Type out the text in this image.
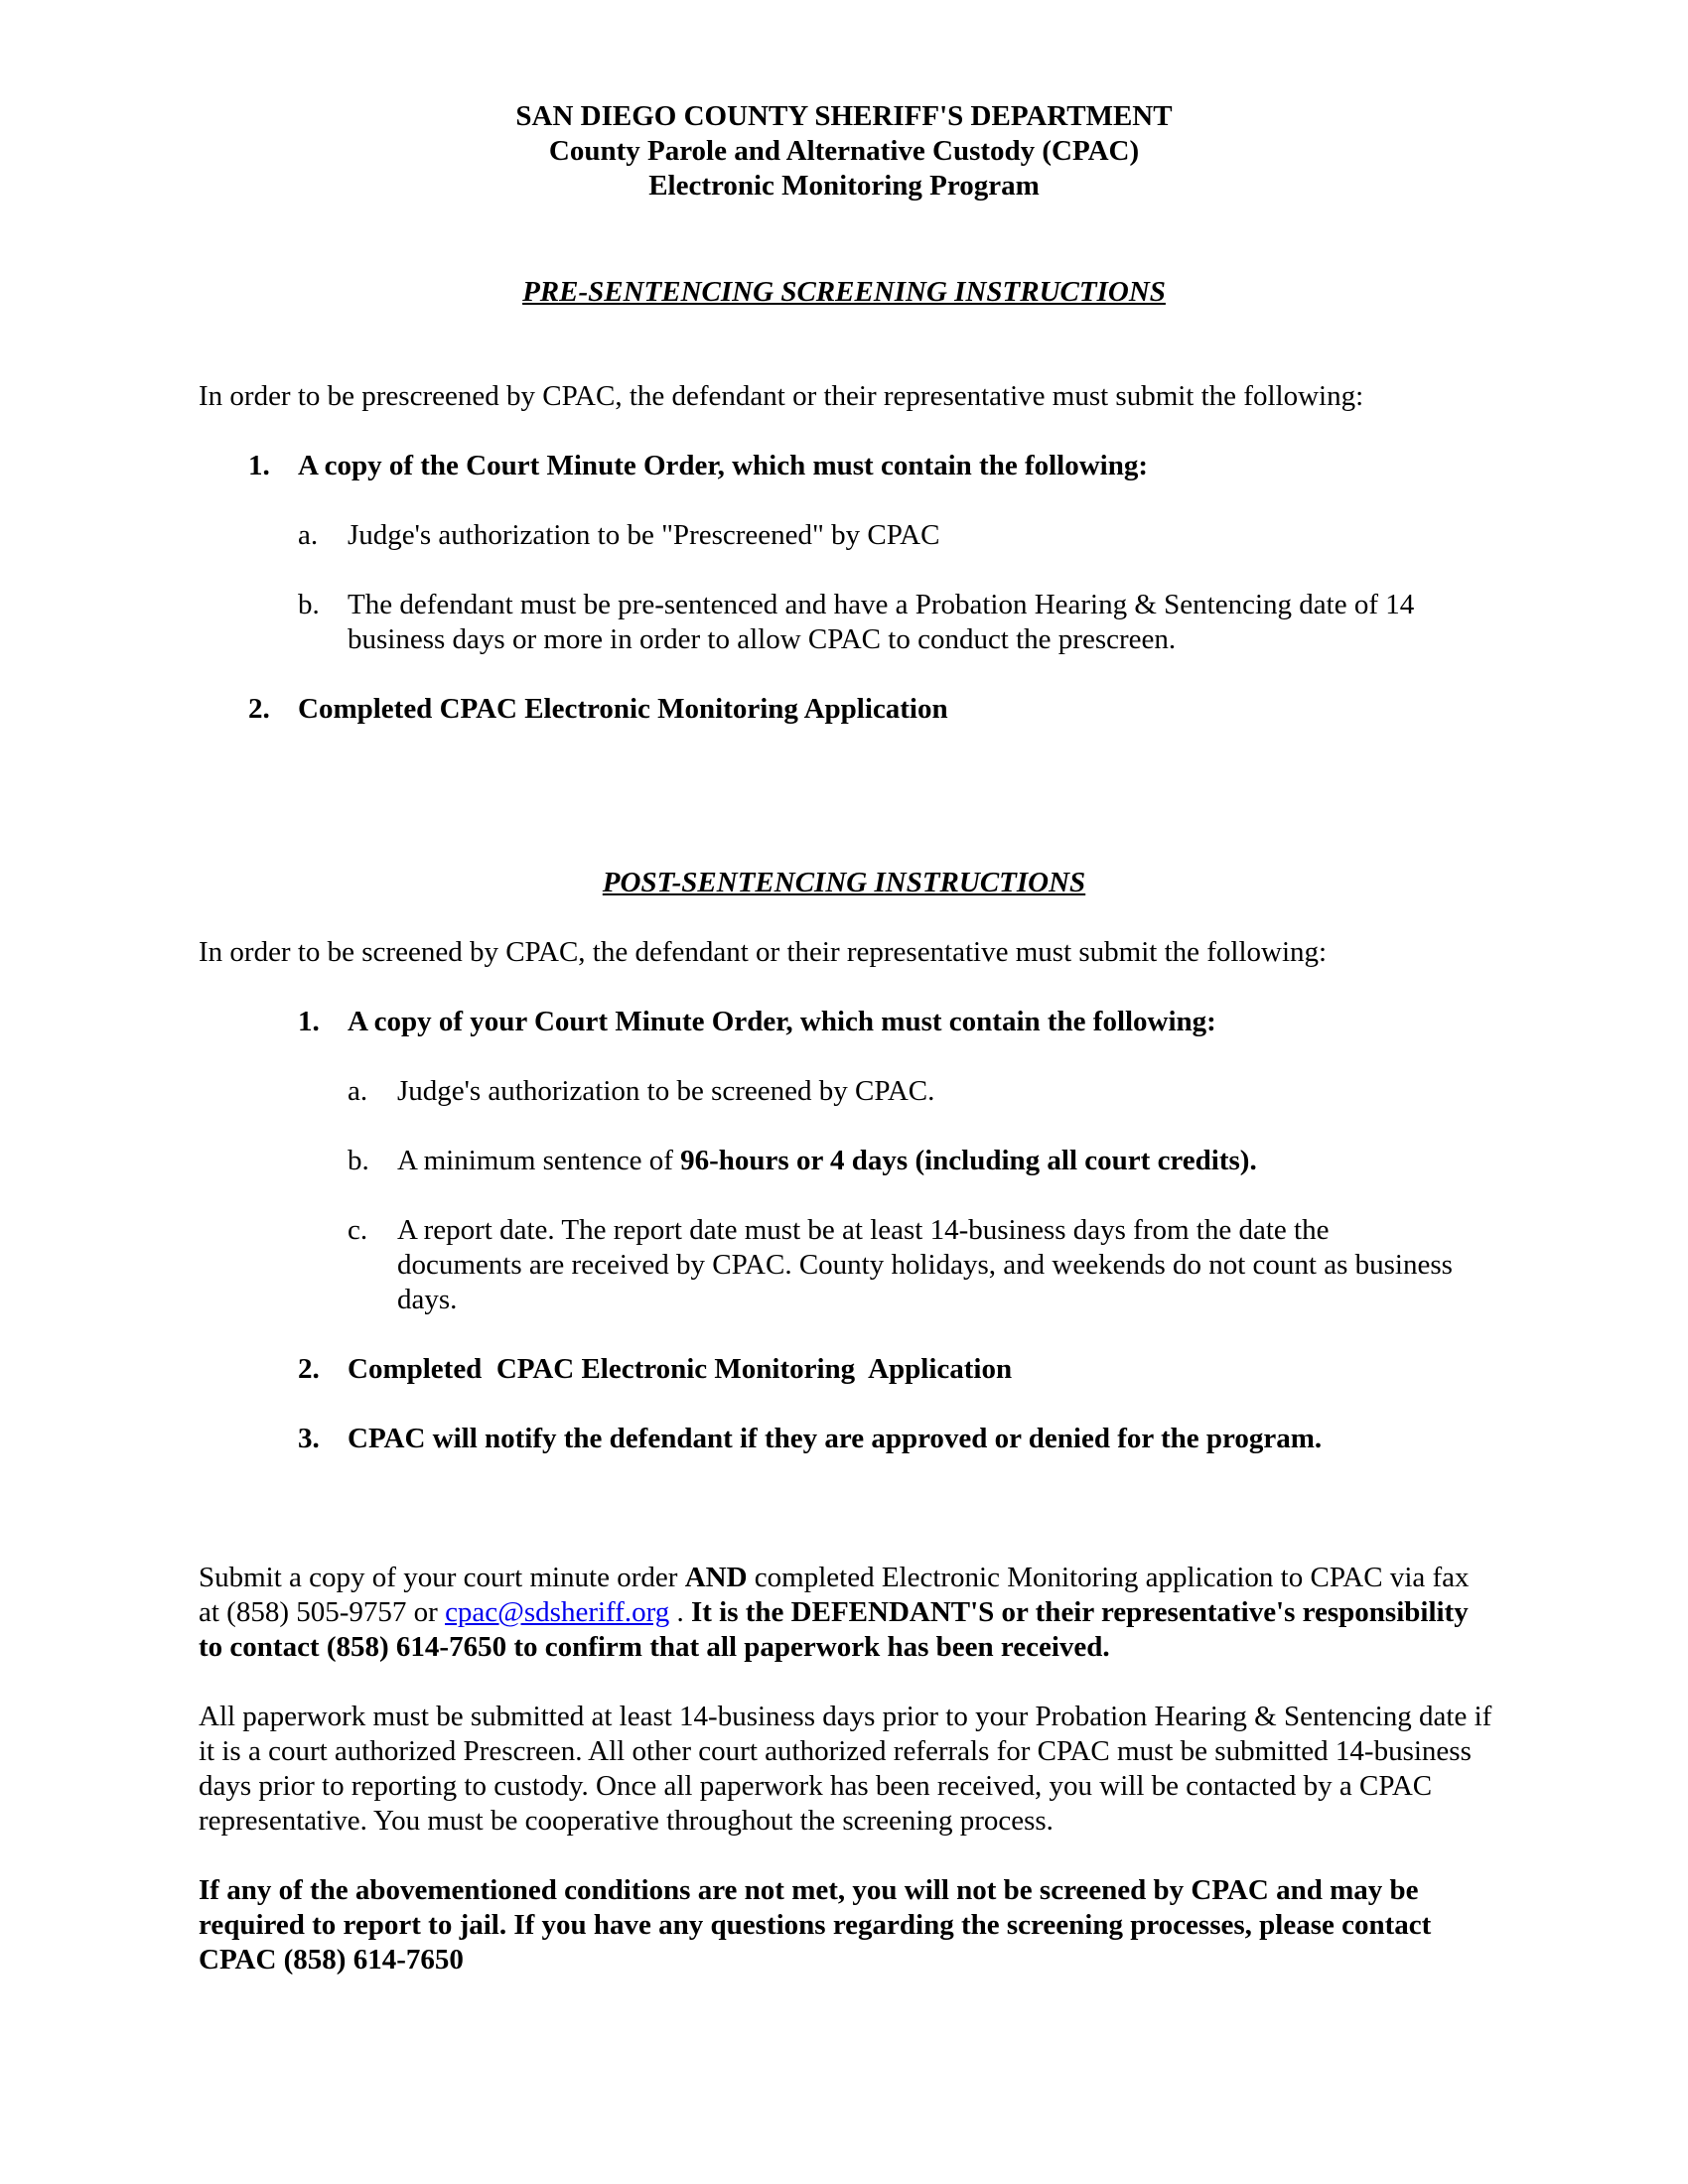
SAN DIEGO COUNTY SHERIFF'S DEPARTMENT
County Parole and Alternative Custody (CPAC)
Electronic Monitoring Program
PRE-SENTENCING SCREENING INSTRUCTIONS
In order to be prescreened by CPAC, the defendant or their representative must submit the following:
1. A copy of the Court Minute Order, which must contain the following:
a. Judge's authorization to be "Prescreened" by CPAC
b. The defendant must be pre-sentenced and have a Probation Hearing & Sentencing date of 14 business days or more in order to allow CPAC to conduct the prescreen.
2. Completed CPAC Electronic Monitoring Application
POST-SENTENCING INSTRUCTIONS
In order to be screened by CPAC, the defendant or their representative must submit the following:
1. A copy of your Court Minute Order, which must contain the following:
a. Judge's authorization to be screened by CPAC.
b. A minimum sentence of 96-hours or 4 days (including all court credits).
c. A report date. The report date must be at least 14-business days from the date the documents are received by CPAC. County holidays, and weekends do not count as business days.
2. Completed  CPAC Electronic Monitoring  Application
3. CPAC will notify the defendant if they are approved or denied for the program.

Submit a copy of your court minute order AND completed Electronic Monitoring application to CPAC via fax at (858) 505-9757 or cpac@sdsheriff.org . It is the DEFENDANT'S or their representative's responsibility to contact (858) 614-7650 to confirm that all paperwork has been received.

All paperwork must be submitted at least 14-business days prior to your Probation Hearing & Sentencing date if it is a court authorized Prescreen. All other court authorized referrals for CPAC must be submitted 14-business days prior to reporting to custody. Once all paperwork has been received, you will be contacted by a CPAC representative. You must be cooperative throughout the screening process.

If any of the abovementioned conditions are not met, you will not be screened by CPAC and may be required to report to jail. If you have any questions regarding the screening processes, please contact CPAC (858) 614-7650
